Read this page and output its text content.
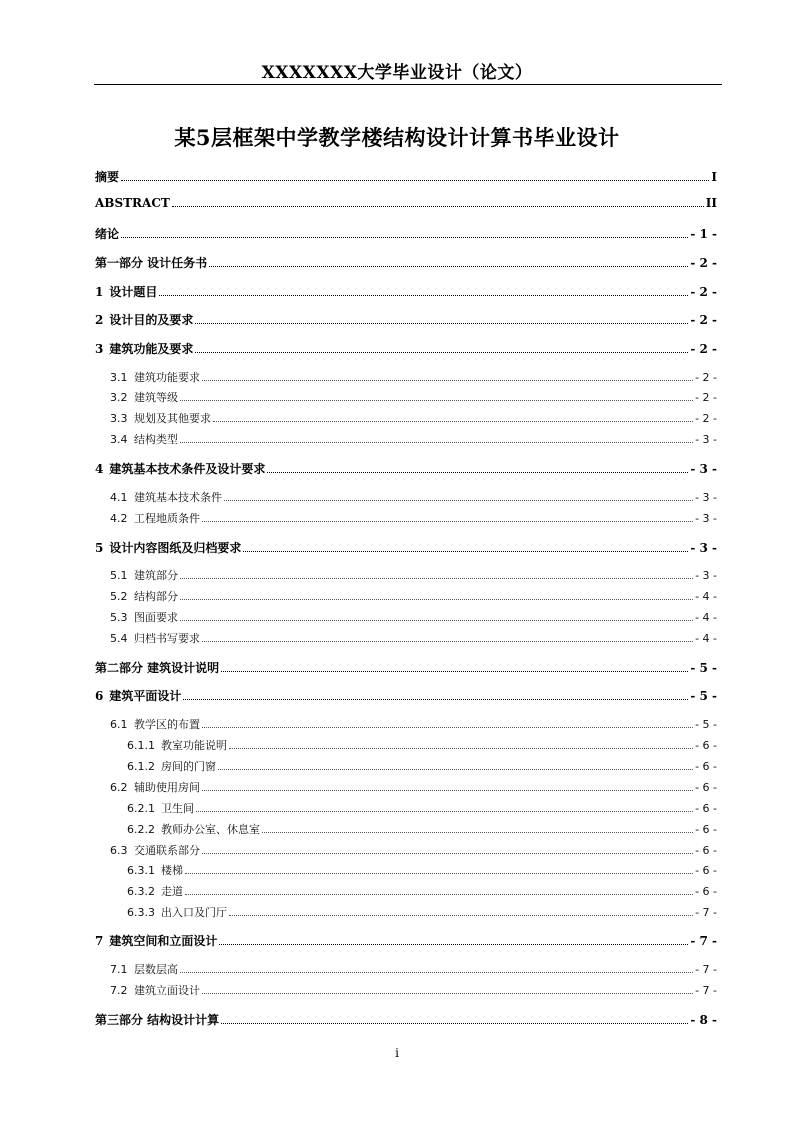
XXXXXXX大学毕业设计（论文）
某5层框架中学教学楼结构设计计算书毕业设计
摘要	I
ABSTRACT	II
绪论	- 1 -
第一部分 设计任务书	- 2 -
1 设计题目	- 2 -
2 设计目的及要求	- 2 -
3 建筑功能及要求	- 2 -
3.1 建筑功能要求	- 2 -
3.2 建筑等级	- 2 -
3.3 规划及其他要求	- 2 -
3.4 结构类型	- 3 -
4 建筑基本技术条件及设计要求	- 3 -
4.1 建筑基本技术条件	- 3 -
4.2 工程地质条件	- 3 -
5 设计内容图纸及归档要求	- 3 -
5.1 建筑部分	- 3 -
5.2 结构部分	- 4 -
5.3 图面要求	- 4 -
5.4 归档书写要求	- 4 -
第二部分 建筑设计说明	- 5 -
6 建筑平面设计	- 5 -
6.1 教学区的布置	- 5 -
6.1.1 教室功能说明	- 6 -
6.1.2 房间的门窗	- 6 -
6.2 辅助使用房间	- 6 -
6.2.1 卫生间	- 6 -
6.2.2 教师办公室、休息室	- 6 -
6.3 交通联系部分	- 6 -
6.3.1 楼梯	- 6 -
6.3.2 走道	- 6 -
6.3.3 出入口及门厅	- 7 -
7 建筑空间和立面设计	- 7 -
7.1 层数层高	- 7 -
7.2 建筑立面设计	- 7 -
第三部分 结构设计计算	- 8 -
i
